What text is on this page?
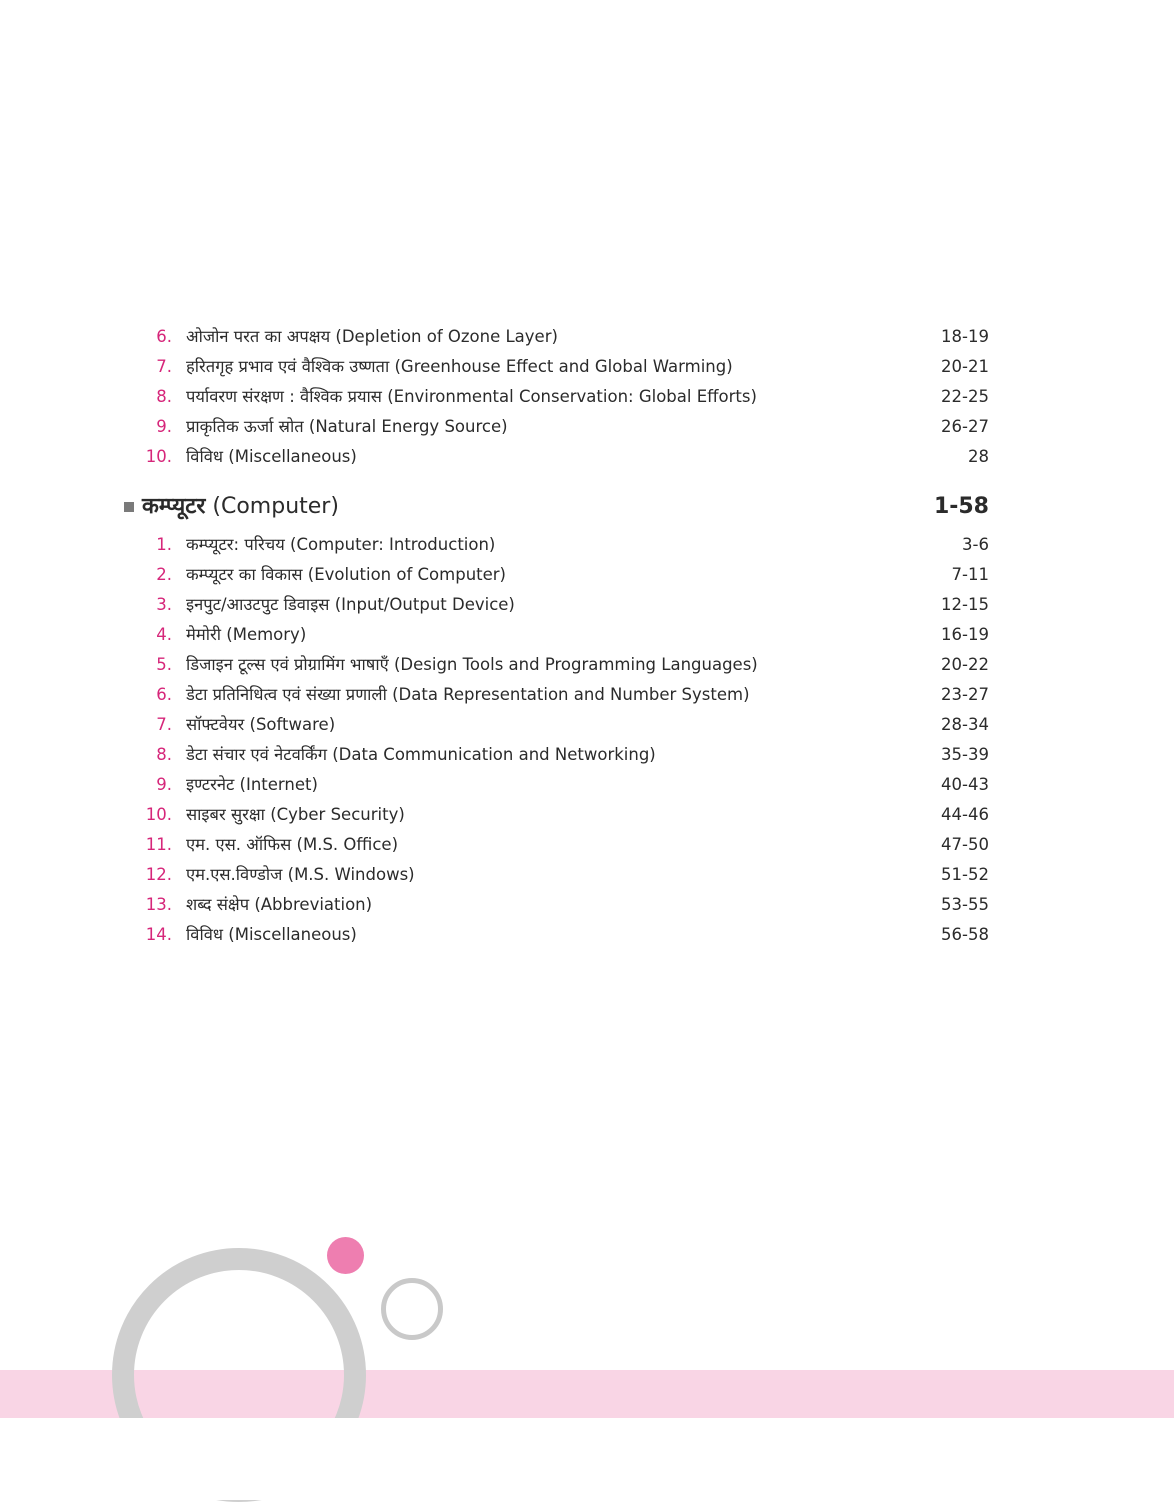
6. ओजोन परत का अपक्षय (Depletion of Ozone Layer)	18-19
7. हरितगृह प्रभाव एवं वैश्विक उष्णता (Greenhouse Effect and Global Warming)	20-21
8. पर्यावरण संरक्षण : वैश्विक प्रयास (Environmental Conservation: Global Efforts)	22-25
9. प्राकृतिक ऊर्जा स्रोत (Natural Energy Source)	26-27
10. विविध (Miscellaneous)	28
कम्प्यूटर (Computer)	1-58
1. कम्प्यूटर: परिचय (Computer: Introduction)	3-6
2. कम्प्यूटर का विकास (Evolution of Computer)	7-11
3. इनपुट/आउटपुट डिवाइस (Input/Output Device)	12-15
4. मेमोरी (Memory)	16-19
5. डिजाइन टूल्स एवं प्रोग्रामिंग भाषाएँ (Design Tools and Programming Languages)	20-22
6. डेटा प्रतिनिधित्व एवं संख्या प्रणाली (Data Representation and Number System)	23-27
7. सॉफ्टवेयर (Software)	28-34
8. डेटा संचार एवं नेटवर्किंग (Data Communication and Networking)	35-39
9. इण्टरनेट (Internet)	40-43
10. साइबर सुरक्षा (Cyber Security)	44-46
11. एम. एस. ऑफिस (M.S. Office)	47-50
12. एम.एस.विण्डोज (M.S. Windows)	51-52
13. शब्द संक्षेप (Abbreviation)	53-55
14. विविध (Miscellaneous)	56-58
